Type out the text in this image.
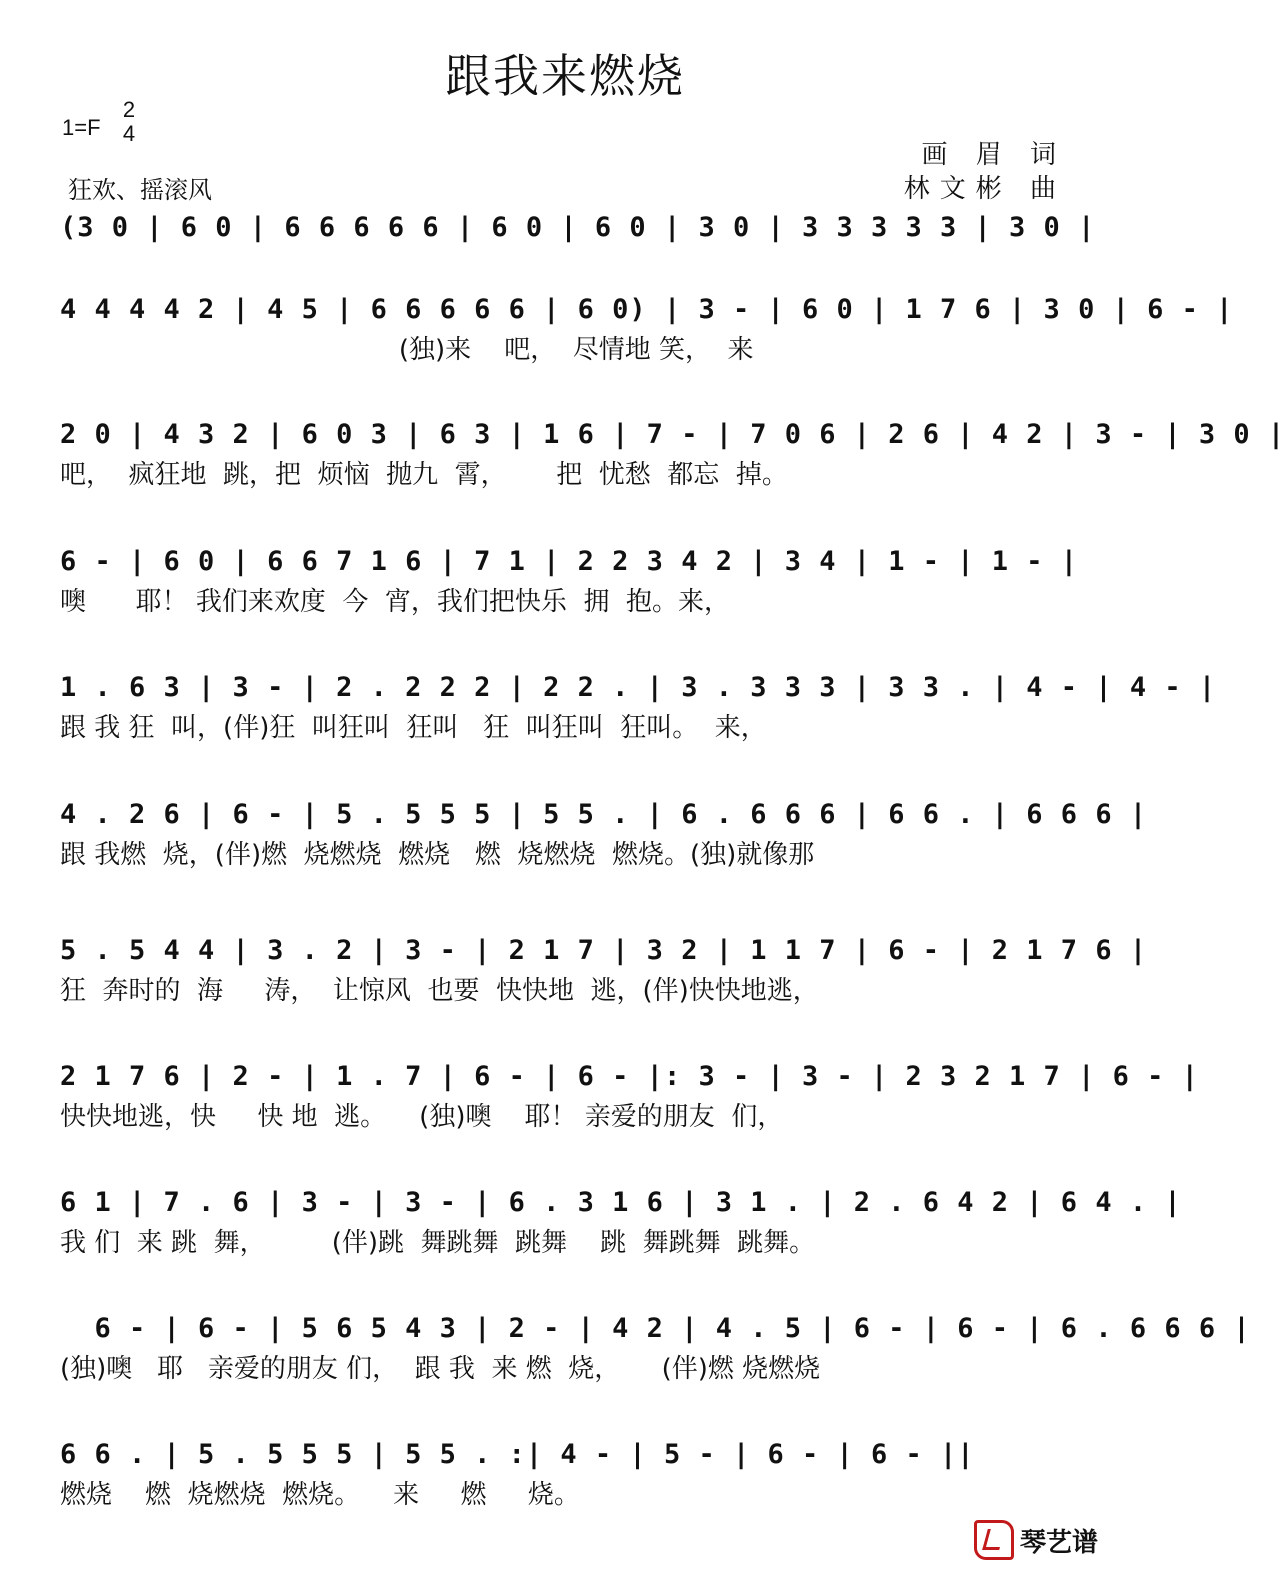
跟我来燃烧
1=F
2
4
狂欢、摇滚风
画 眉 词
林文彬 曲
(3 0 | 6 0 | 6 6 6 6 6 | 6 0 | 6 0 | 3 0 | 3 3 3 3 3 | 3 0 |
4 4 4 4 2 | 4 5 | 6 6 6 6 6 | 6 0) | 3 - | 6 0 | 1 7 6 | 3 0 | 6 - |
(独)来    吧，  尽情地 笑，  来
2 0 | 4 3 2 | 6 0 3 | 6 3 | 1 6 | 7 - | 7 0 6 | 2 6 | 4 2 | 3 - | 3 0 |
吧，  疯狂地  跳，把  烦恼  抛九  霄，      把  忧愁  都忘  掉。
6 - | 6 0 | 6 6 7 1 6 | 7 1 | 2 2 3 4 2 | 3 4 | 1 - | 1 - |
噢      耶！ 我们来欢度  今  宵，我们把快乐  拥  抱。来，
1 . 6 3 | 3 - | 2 . 2 2 2 | 2 2 . | 3 . 3 3 3 | 3 3 . | 4 - | 4 - |
跟 我 狂  叫，(伴)狂  叫狂叫  狂叫   狂  叫狂叫  狂叫。  来，
4 . 2 6 | 6 - | 5 . 5 5 5 | 5 5 . | 6 . 6 6 6 | 6 6 . | 6 6 6 |
跟 我燃  烧，(伴)燃  烧燃烧  燃烧   燃  烧燃烧  燃烧。(独)就像那
5 . 5 4 4 | 3 . 2 | 3 - | 2 1 7 | 3 2 | 1 1 7 | 6 - | 2 1 7 6 |
狂  奔时的  海     涛，  让惊风  也要  快快地  逃，(伴)快快地逃，
2 1 7 6 | 2 - | 1 . 7 | 6 - | 6 - |: 3 - | 3 - | 2 3 2 1 7 | 6 - |
快快地逃，快     快 地  逃。    (独)噢    耶！ 亲爱的朋友  们，
6 1 | 7 . 6 | 3 - | 3 - | 6 . 3 1 6 | 3 1 . | 2 . 6 4 2 | 6 4 . |
我 们  来 跳  舞，        (伴)跳  舞跳舞  跳舞    跳  舞跳舞  跳舞。
6 - | 6 - | 5 6 5 4 3 | 2 - | 4 2 | 4 . 5 | 6 - | 6 - | 6 . 6 6 6 |
(独)噢   耶   亲爱的朋友 们，  跟 我  来 燃  烧，     (伴)燃 烧燃烧
6 6 . | 5 . 5 5 5 | 5 5 . :| 4 - | 5 - | 6 - | 6 - ||
燃烧    燃  烧燃烧  燃烧。    来     燃     烧。
琴艺谱
